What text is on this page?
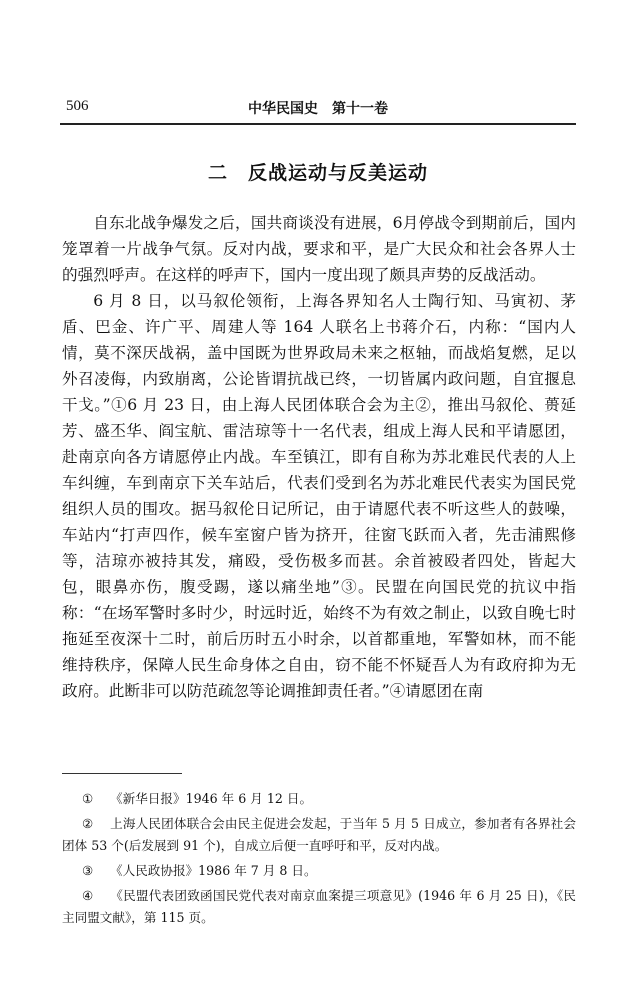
506	中华民国史　第十一卷
二　反战运动与反美运动

自东北战争爆发之后，国共商谈没有进展，6月停战令到期前后，国内笼罩着一片战争气氛。反对内战，要求和平，是广大民众和社会各界人士的强烈呼声。在这样的呼声下，国内一度出现了颇具声势的反战活动。

6 月 8 日，以马叙伦领衔，上海各界知名人士陶行知、马寅初、茅盾、巴金、许广平、周建人等 164 人联名上书蒋介石，内称：“国内人情，莫不深厌战祸，盖中国既为世界政局未来之枢轴，而战焰复燃，足以外召凌侮，内致崩离，公论皆谓抗战已终，一切皆属内政问题，自宜揠息干戈。”①6 月 23 日，由上海人民团体联合会为主②，推出马叙伦、蒉延芳、盛丕华、阎宝航、雷洁琼等十一名代表，组成上海人民和平请愿团，赴南京向各方请愿停止内战。车至镇江，即有自称为苏北难民代表的人上车纠缠，车到南京下关车站后，代表们受到名为苏北难民代表实为国民党组织人员的围攻。据马叙伦日记所记，由于请愿代表不听这些人的鼓噪，车站内“打声四作，候车室窗户皆为挤开，往窗飞跃而入者，先击浦熙修等，洁琼亦被持其发，痛殴，受伤极多而甚。余首被殴者四处，皆起大包，眼鼻亦伤，腹受踢，遂以痛坐地”③。民盟在向国民党的抗议中指称：“在场军警时多时少，时远时近，始终不为有效之制止，以致自晚七时拖延至夜深十二时，前后历时五小时余，以首都重地，军警如林，而不能维持秩序，保障人民生命身体之自由，窃不能不怀疑吾人为有政府抑为无政府。此断非可以防范疏忽等论调推卸责任者。”④请愿团在南

① 《新华日报》1946 年 6 月 12 日。
② 上海人民团体联合会由民主促进会发起，于当年 5 月 5 日成立，参加者有各界社会团体 53 个(后发展到 91 个)，自成立后便一直呼吁和平，反对内战。
③ 《人民政协报》1986 年 7 月 8 日。
④ 《民盟代表团致函国民党代表对南京血案提三项意见》(1946 年 6 月 25 日)，《民主同盟文献》，第 115 页。
